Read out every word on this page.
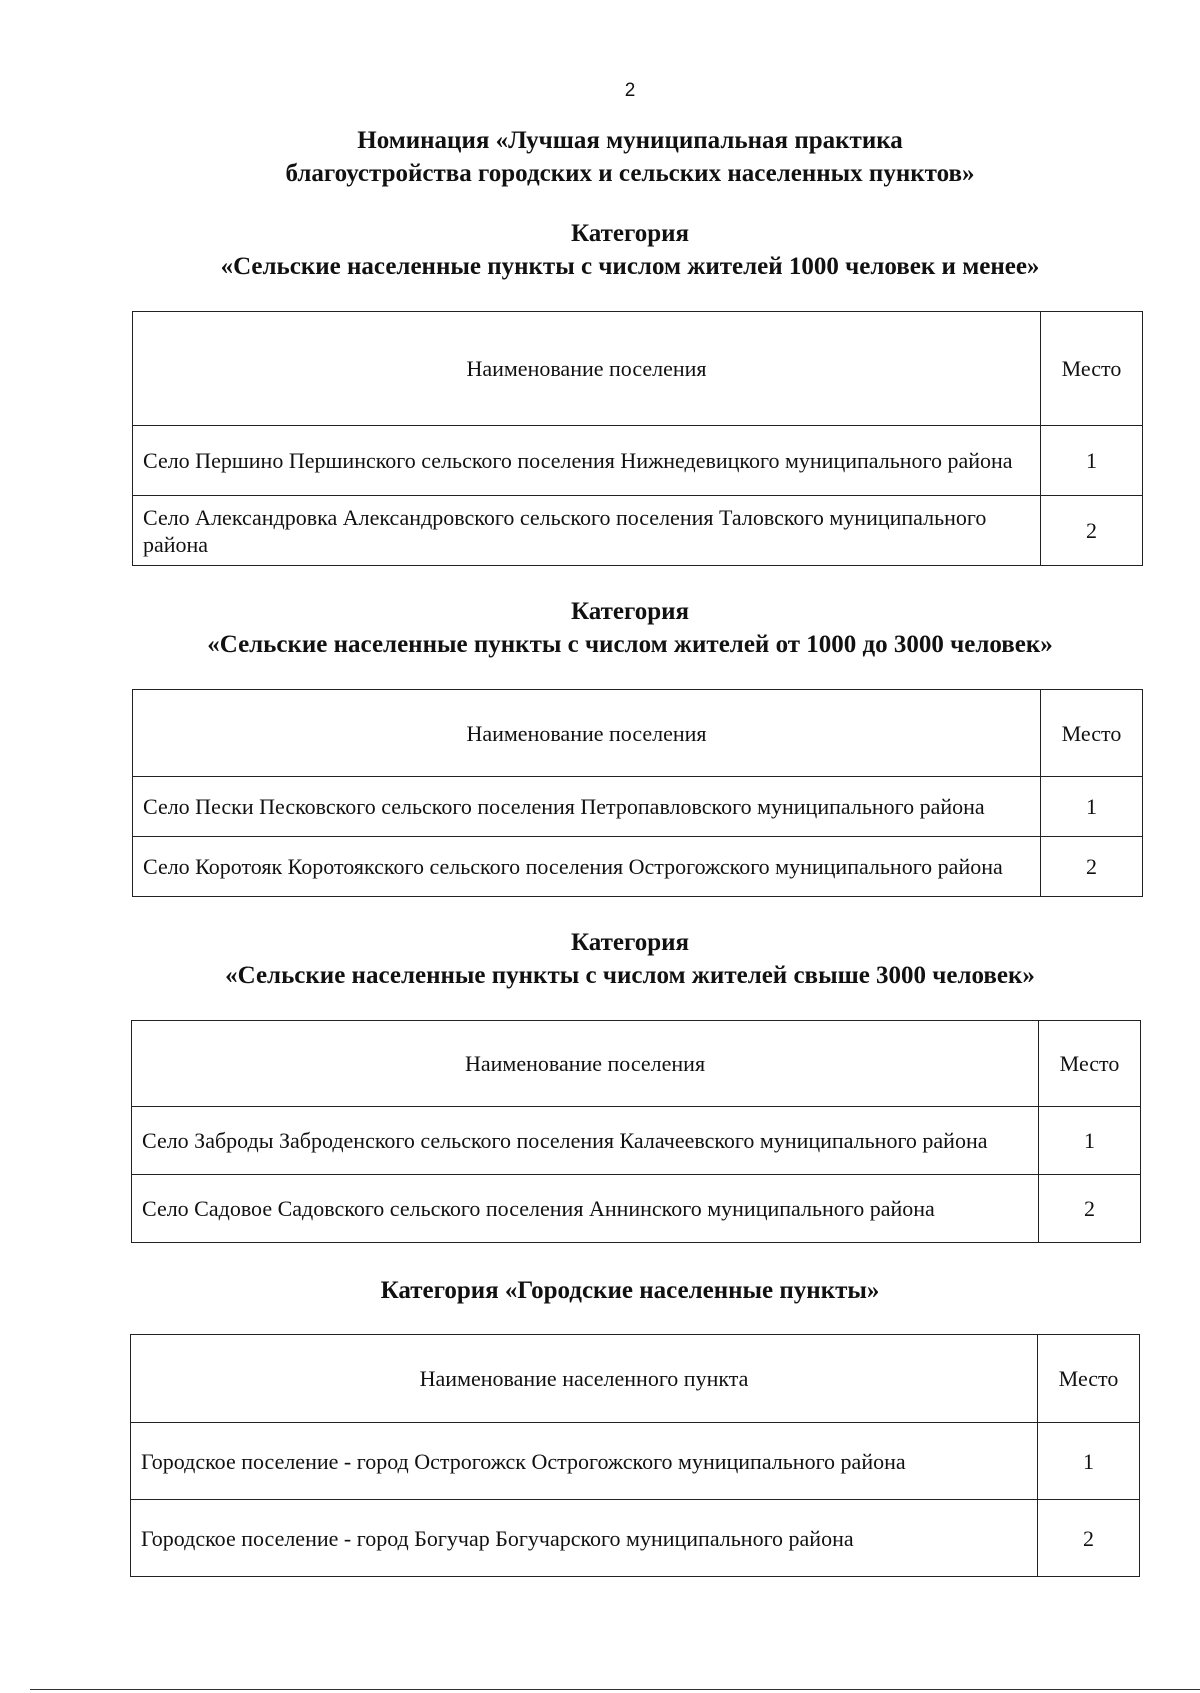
2
Номинация «Лучшая муниципальная практика
благоустройства городских и сельских населенных пунктов»
Категория
«Сельские населенные пункты с числом жителей 1000 человек и менее»
Наименование поселения	Место
Село Першино Першинского сельского поселения Нижнедевицкого муниципального района	1
Село Александровка Александровского сельского поселения Таловского муниципального района	2
Категория
«Сельские населенные пункты с числом жителей от 1000 до 3000 человек»
Наименование поселения	Место
Село Пески Песковского сельского поселения Петропавловского муниципального района	1
Село Коротояк Коротоякского сельского поселения Острогожского муниципального района	2
Категория
«Сельские населенные пункты с числом жителей свыше 3000 человек»
Наименование поселения	Место
Село Заброды Заброденского сельского поселения Калачеевского муниципального района	1
Село Садовое Садовского сельского поселения Аннинского муниципального района	2
Категория «Городские населенные пункты»
Наименование населенного пункта	Место
Городское поселение - город Острогожск Острогожского муниципального района	1
Городское поселение - город Богучар Богучарского муниципального района	2
